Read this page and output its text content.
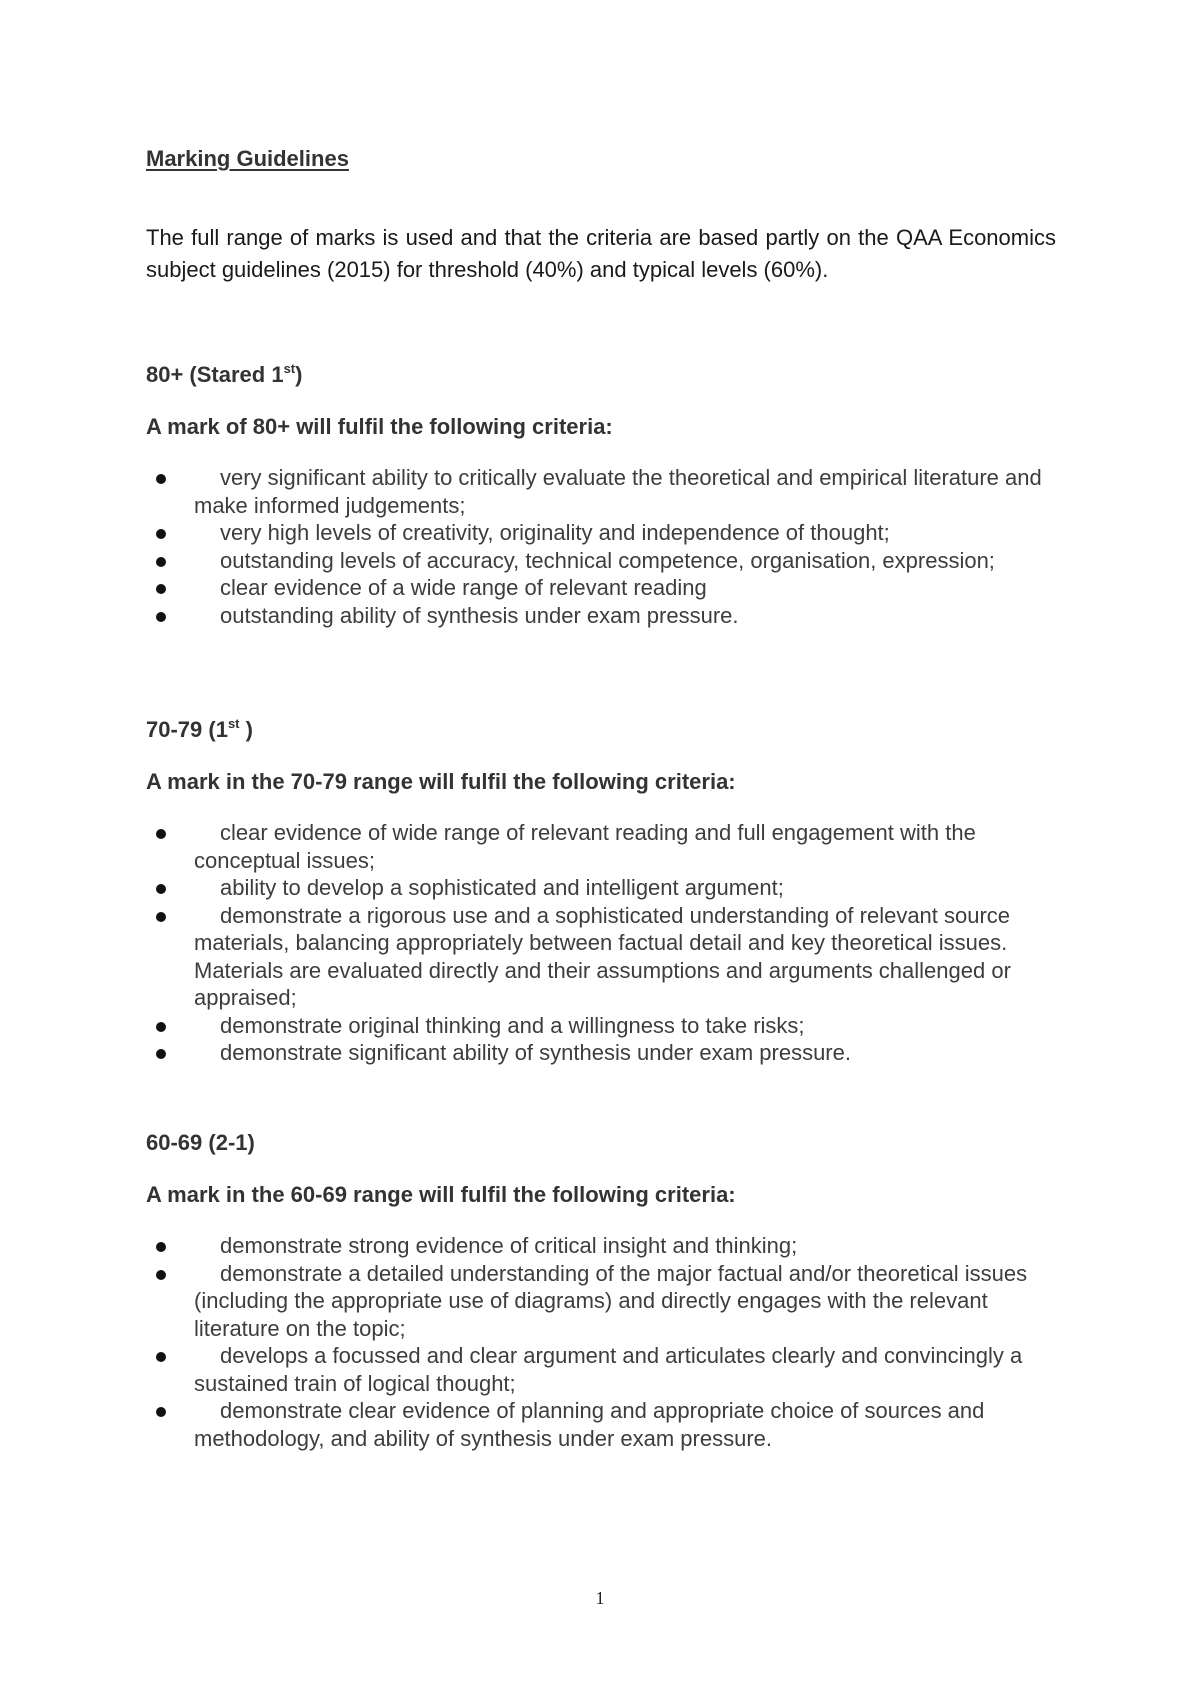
Marking Guidelines

The full range of marks is used and that the criteria are based partly on the QAA Economics subject guidelines (2015) for threshold (40%) and typical levels (60%).

80+ (Stared 1st)

A mark of 80+ will fulfil the following criteria:

very significant ability to critically evaluate the theoretical and empirical literature and make informed judgements;
very high levels of creativity, originality and independence of thought;
outstanding levels of accuracy, technical competence, organisation, expression;
clear evidence of a wide range of relevant reading
outstanding ability of synthesis under exam pressure.
70-79 (1st )

A mark in the 70-79 range will fulfil the following criteria:

clear evidence of wide range of relevant reading and full engagement with the conceptual issues;
ability to develop a sophisticated and intelligent argument;
demonstrate a rigorous use and a sophisticated understanding of relevant source materials, balancing appropriately between factual detail and key theoretical issues. Materials are evaluated directly and their assumptions and arguments challenged or appraised;
demonstrate original thinking and a willingness to take risks;
demonstrate significant ability of synthesis under exam pressure.
60-69 (2-1)

A mark in the 60-69 range will fulfil the following criteria:

demonstrate strong evidence of critical insight and thinking;
demonstrate a detailed understanding of the major factual and/or theoretical issues (including the appropriate use of diagrams) and directly engages with the relevant literature on the topic;
develops a focussed and clear argument and articulates clearly and convincingly a sustained train of logical thought;
demonstrate clear evidence of planning and appropriate choice of sources and methodology, and ability of synthesis under exam pressure.
1
